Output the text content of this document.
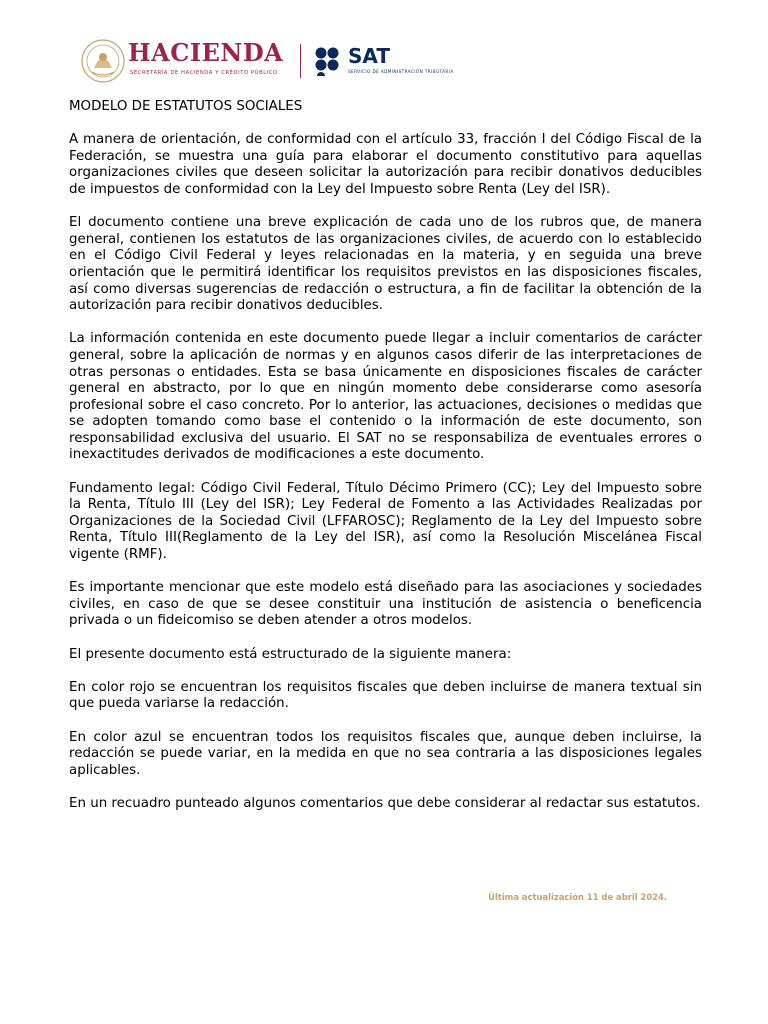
HACIENDA
SECRETARÍA DE HACIENDA Y CRÉDITO PÚBLICO
SAT
SERVICIO DE ADMINISTRACIÓN TRIBUTARIA

MODELO DE ESTATUTOS SOCIALES

A manera de orientación, de conformidad con el artículo 33, fracción I del Código Fiscal de la Federación, se muestra una guía para elaborar el documento constitutivo para aquellas organizaciones civiles que deseen solicitar la autorización para recibir donativos deducibles de impuestos de conformidad con la Ley del Impuesto sobre Renta (Ley del ISR).

El documento contiene una breve explicación de cada uno de los rubros que, de manera general, contienen los estatutos de las organizaciones civiles, de acuerdo con lo establecido en el Código Civil Federal y leyes relacionadas en la materia, y en seguida una breve orientación que le permitirá identificar los requisitos previstos en las disposiciones fiscales, así como diversas sugerencias de redacción o estructura, a fin de facilitar la obtención de la autorización para recibir donativos deducibles.

La información contenida en este documento puede llegar a incluir comentarios de carácter general, sobre la aplicación de normas y en algunos casos diferir de las interpretaciones de otras personas o entidades. Esta se basa únicamente en disposiciones fiscales de carácter general en abstracto, por lo que en ningún momento debe considerarse como asesoría profesional sobre el caso concreto. Por lo anterior, las actuaciones, decisiones o medidas que se adopten tomando como base el contenido o la información de este documento, son responsabilidad exclusiva del usuario. El SAT no se responsabiliza de eventuales errores o inexactitudes derivados de modificaciones a este documento.

Fundamento legal: Código Civil Federal, Título Décimo Primero (CC); Ley del Impuesto sobre la Renta, Título III (Ley del ISR); Ley Federal de Fomento a las Actividades Realizadas por Organizaciones de la Sociedad Civil (LFFAROSC); Reglamento de la Ley del Impuesto sobre Renta, Título III(Reglamento de la Ley del ISR), así como la Resolución Miscelánea Fiscal vigente (RMF).

Es importante mencionar que este modelo está diseñado para las asociaciones y sociedades civiles, en caso de que se desee constituir una institución de asistencia o beneficencia privada o un fideicomiso se deben atender a otros modelos.

El presente documento está estructurado de la siguiente manera:

En color rojo se encuentran los requisitos fiscales que deben incluirse de manera textual sin que pueda variarse la redacción.

En color azul se encuentran todos los requisitos fiscales que, aunque deben incluirse, la redacción se puede variar, en la medida en que no sea contraria a las disposiciones legales aplicables.

En un recuadro punteado algunos comentarios que debe considerar al redactar sus estatutos.

Última actualización 11 de abril 2024.
